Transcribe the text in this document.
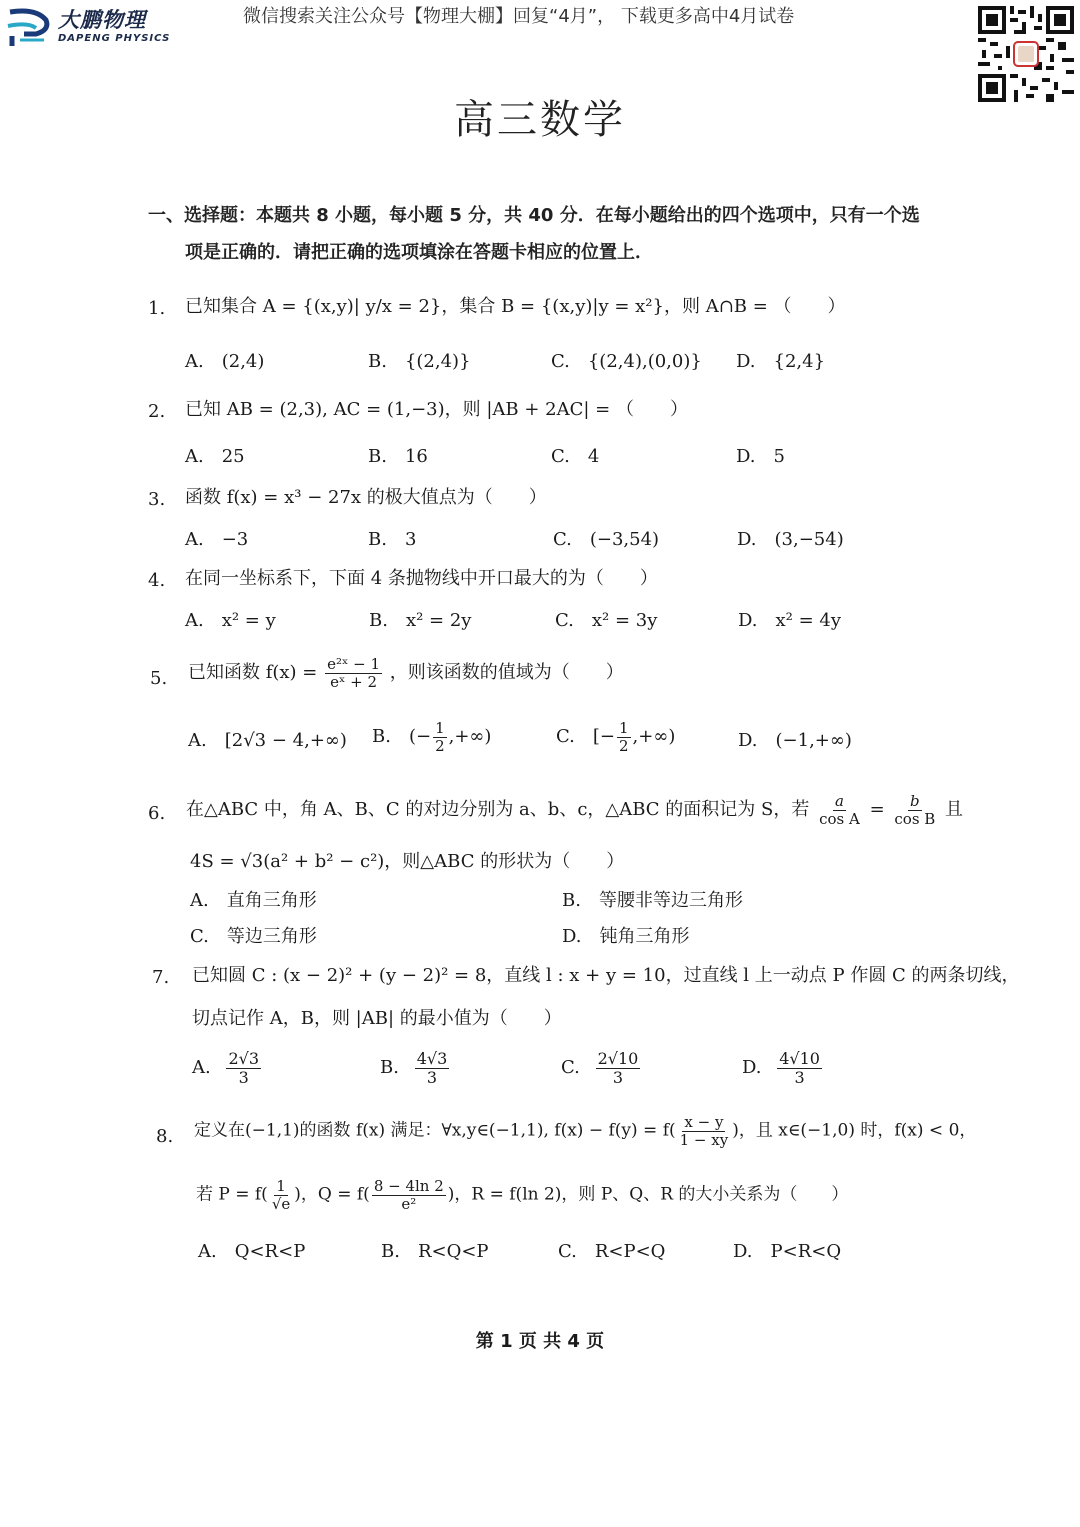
大鹏物理
DAPENG PHYSICS
微信搜索关注公众号【物理大棚】回复“4月”， 下载更多高中4月试卷
高三数学
一、选择题：本题共 8 小题，每小题 5 分，共 40 分．在每小题给出的四个选项中，只有一个选
项是正确的．请把正确的选项填涂在答题卡相应的位置上．
1. 已知集合 A = {(x,y)| y/x = 2}，集合 B = {(x,y)|y = x²}，则 A∩B = （　　）
A.　(2,4)	B.　{(2,4)}	C.　{(2,4),(0,0)} D.　{2,4}
2. 已知 AB = (2,3), AC = (1,−3)，则 |AB + 2AC| = （　　）
A.　25	B.　16	C.　4	D.　5
3. 函数 f(x) = x³ − 27x 的极大值点为（　　）
A.　−3	B.　3	C.　(−3,54)	D.　(3,−54)
4. 在同一坐标系下，下面 4 条抛物线中开口最大的为（　　）
A.　x² = y	B.　x² = 2y	C.　x² = 3y	D.　x² = 4y
5. 已知函数 $f(x) = \frac{\text{e²ˣ − 1}}{\text{eˣ + 2}}$ ，则该函数的值域为（　　）
A.　[2√3 − 4,+∞) B.　(− $\frac{1}{2}$ ,+∞)	C.　[− $\frac{1}{2}$ ,+∞)	D.　(−1,+∞)
6. 在△ABC 中，角 A、B、C 的对边分别为 a、b、c，△ABC 的面积记为 S，若 $\frac{a}{\text{cos A}} = \frac{b}{\text{cos B}}$ 且
4S = √3(a² + b² − c²)，则△ABC 的形状为（　　）
A.　直角三角形	B.　等腰非等边三角形
C.　等边三角形	D.　钝角三角形
7. 已知圆 C : (x − 2)² + (y − 2)² = 8，直线 l : x + y = 10，过直线 l 上一动点 P 作圆 C 的两条切线，
切点记作 A，B，则 |AB| 的最小值为（　　）
A. $\frac{2√3}{3}$	B. $\frac{4√3}{3}$	C. $\frac{2√10}{3}$	D. $\frac{4√10}{3}$
8. 定义在(−1,1)的函数 f(x) 满足：∀x,y∈(−1,1), $f(x) - f(y) = f( \frac{x - y}{1 - xy}$ )，且 x∈(−1,0) 时，f(x) < 0，
若 $P = f( \frac{1}{√e}$ )，$Q = f( \frac{8 - 4\ln 2}{\text{e²}}$ )，R = f(ln 2)，则 P、Q、R 的大小关系为（　　）
A.　Q<R<P	B.　R<Q<P	C.　R<P<Q	D.　P<R<Q
第 1 页 共 4 页
